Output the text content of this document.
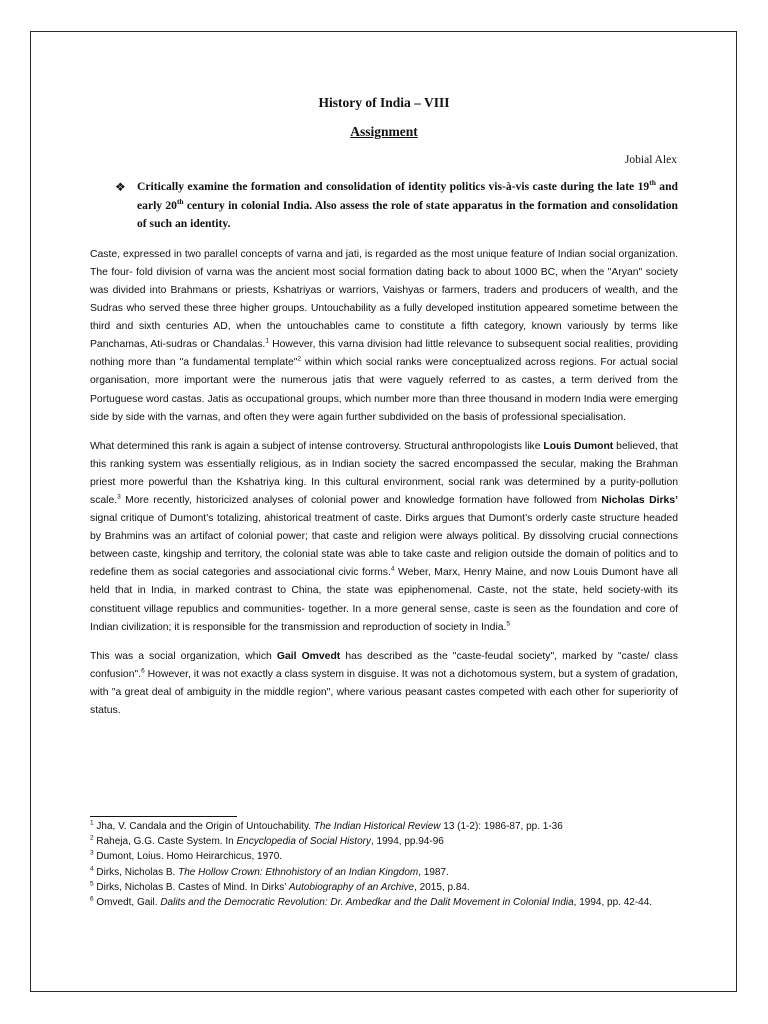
History of India – VIII
Assignment
Jobial Alex
❖ Critically examine the formation and consolidation of identity politics vis-à-vis caste during the late 19th and early 20th century in colonial India. Also assess the role of state apparatus in the formation and consolidation of such an identity.

Caste, expressed in two parallel concepts of varna and jati, is regarded as the most unique feature of Indian social organization. The four- fold division of varna was the ancient most social formation dating back to about 1000 BC, when the "Aryan" society was divided into Brahmans or priests, Kshatriyas or warriors, Vaishyas or farmers, traders and producers of wealth, and the Sudras who served these three higher groups. Untouchability as a fully developed institution appeared sometime between the third and sixth centuries AD, when the untouchables came to constitute a fifth category, known variously by terms like Panchamas, Ati-sudras or Chandalas.$^1$ However, this varna division had little relevance to subsequent social realities, providing nothing more than "a fundamental template"$^2$ within which social ranks were conceptualized across regions. For actual social organisation, more important were the numerous jatis that were vaguely referred to as castes, a term derived from the Portuguese word castas. Jatis as occupational groups, which number more than three thousand in modern India were emerging side by side with the varnas, and often they were again further subdivided on the basis of professional specialisation.

What determined this rank is again a subject of intense controversy. Structural anthropologists like Louis Dumont believed, that this ranking system was essentially religious, as in Indian society the sacred encompassed the secular, making the Brahman priest more powerful than the Kshatriya king. In this cultural environment, social rank was determined by a purity-pollution scale.$^3$ More recently, historicized analyses of colonial power and knowledge formation have followed from Nicholas Dirks’ signal critique of Dumont’s totalizing, ahistorical treatment of caste. Dirks argues that Dumont’s orderly caste structure headed by Brahmins was an artifact of colonial power; that caste and religion were always political. By dissolving crucial connections between caste, kingship and territory, the colonial state was able to take caste and religion outside the domain of politics and to redefine them as social categories and associational civic forms.$^4$ Weber, Marx, Henry Maine, and now Louis Dumont have all held that in India, in marked contrast to China, the state was epiphenomenal. Caste, not the state, held society-with its constituent village republics and communities- together. In a more general sense, caste is seen as the foundation and core of Indian civilization; it is responsible for the transmission and reproduction of society in India.$^5$

This was a social organization, which Gail Omvedt has described as the "caste-feudal society", marked by "caste/ class confusion".$^6$ However, it was not exactly a class system in disguise. It was not a dichotomous system, but a system of gradation, with "a great deal of ambiguity in the middle region", where various peasant castes competed with each other for superiority of status.

$^1$ Jha, V. Candala and the Origin of Untouchability. The Indian Historical Review 13 (1-2): 1986-87, pp. 1-36

$^2$ Raheja, G.G. Caste System. In Encyclopedia of Social History, 1994, pp.94-96

$^3$ Dumont, Loius. Homo Heirarchicus, 1970.

$^4$ Dirks, Nicholas B. The Hollow Crown: Ethnohistory of an Indian Kingdom, 1987.

$^5$ Dirks, Nicholas B. Castes of Mind. In Dirks’ Autobiography of an Archive, 2015, p.84.

$^6$ Omvedt, Gail. Dalits and the Democratic Revolution: Dr. Ambedkar and the Dalit Movement in Colonial India, 1994, pp. 42-44.
